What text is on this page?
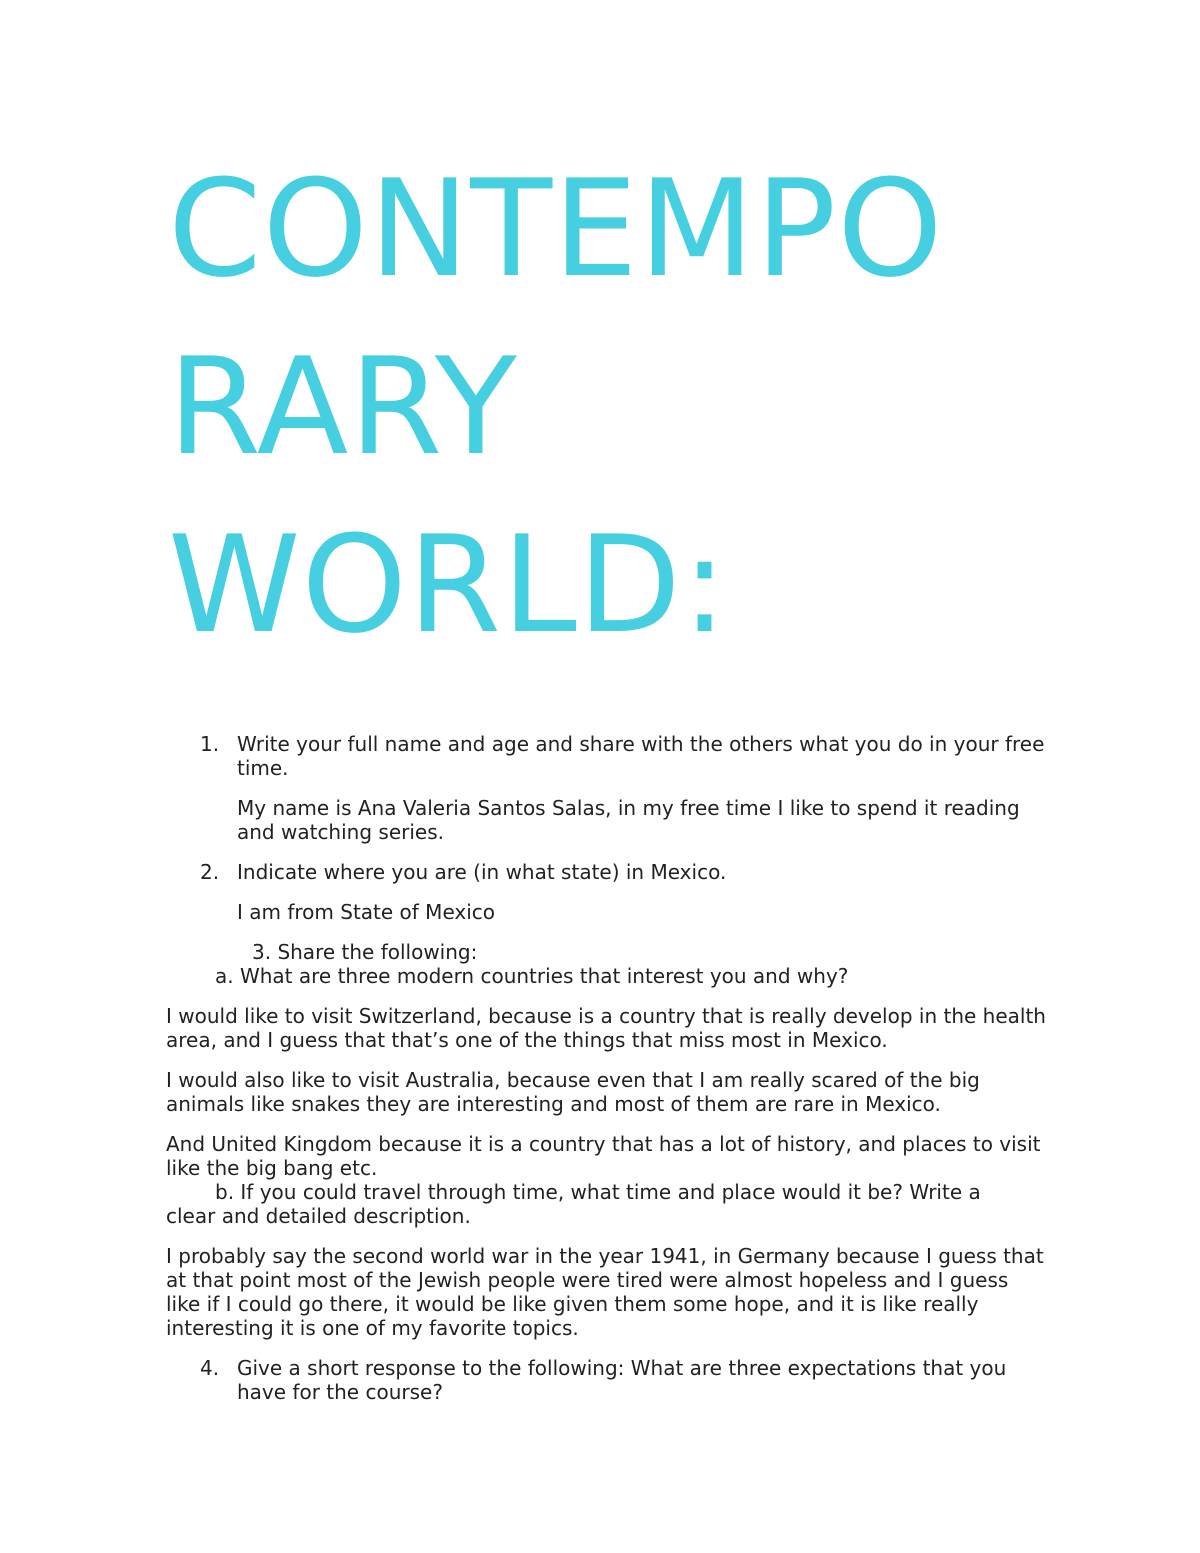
CONTEMPO
RARY
WORLD:
1. Write your full name and age and share with the others what you do in your free time.

My name is Ana Valeria Santos Salas, in my free time I like to spend it reading and watching series.

2. Indicate where you are (in what state) in Mexico.

I am from State of Mexico

3. Share the following:

a. What are three modern countries that interest you and why?

I would like to visit Switzerland, because is a country that is really develop in the health area, and I guess that that’s one of the things that miss most in Mexico.

I would also like to visit Australia, because even that I am really scared of the big animals like snakes they are interesting and most of them are rare in Mexico.

And United Kingdom because it is a country that has a lot of history, and places to visit like the big bang etc.

b. If you could travel through time, what time and place would it be? Write a
clear and detailed description.

I probably say the second world war in the year 1941, in Germany because I guess that at that point most of the Jewish people were tired were almost hopeless and I guess like if I could go there, it would be like given them some hope, and it is like really interesting it is one of my favorite topics.

4. Give a short response to the following: What are three expectations that you have for the course?
